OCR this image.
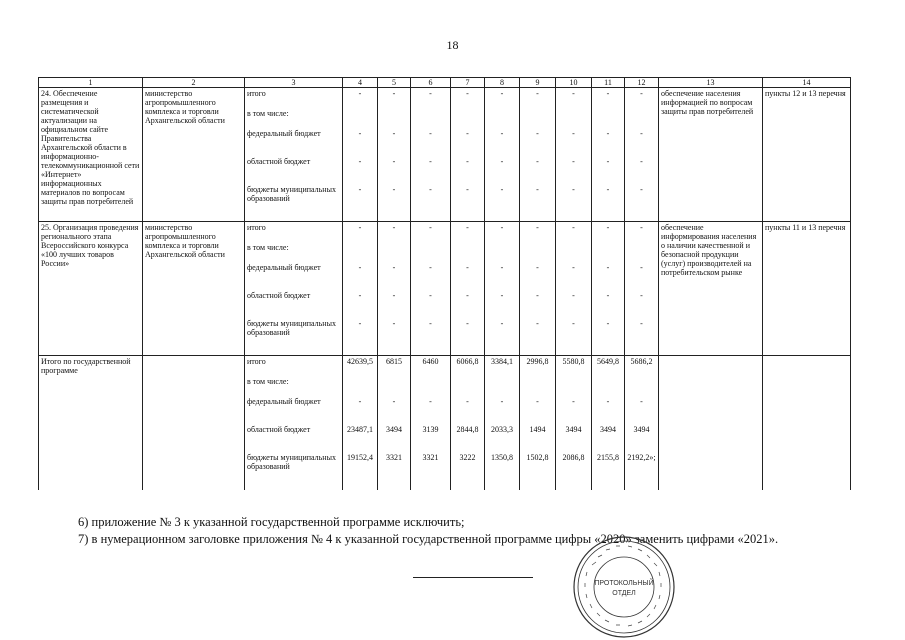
18
1	2	3	4	5	6	7	8	9	10	11	12	13	14
24. Обеспечение размещения и систематической актуализации на официальном сайте Правительства Архангельской области в информационно-телекоммуникационной сети «Интернет» информационных материалов по вопросам защиты прав потребителей	министерство агропромышленного комплекса и торговли Архангельской области	итого	-	-	-	-	-	-	-	-	-	обеспечение населения информацией по вопросам защиты прав потребителей	пункты 12 и 13 перечня
		в том числе:											
		федеральный бюджет	-	-	-	-	-	-	-	-	-		
		областной бюджет	-	-	-	-	-	-	-	-	-		
		бюджеты муниципальных образований	-	-	-	-	-	-	-	-	-		
25. Организация проведения регионального этапа Всероссийского конкурса «100 лучших товаров России»	министерство агропромышленного комплекса и торговли Архангельской области	итого	-	-	-	-	-	-	-	-	-	обеспечение информирования населения о наличии качественной и безопасной продукции (услуг) производителей на потребительском рынке	пункты 11 и 13 перечня
		в том числе:											
		федеральный бюджет	-	-	-	-	-	-	-	-	-		
		областной бюджет	-	-	-	-	-	-	-	-	-		
		бюджеты муниципальных образований	-	-	-	-	-	-	-	-	-		
Итого по государственной программе		итого	42639,5	6815	6460	6066,8	3384,1	2996,8	5580,8	5649,8	5686,2		
		в том числе:											
		федеральный бюджет	-	-	-	-	-	-	-	-	-		
		областной бюджет	23487,1	3494	3139	2844,8	2033,3	1494	3494	3494	3494		
		бюджеты муниципальных образований	19152,4	3321	3321	3222	1350,8	1502,8	2086,8	2155,8	2192,2»;		
6) приложение № 3 к указанной государственной программе исключить;
7) в нумерационном заголовке приложения № 4 к указанной государственной программе цифры «2020» заменить цифрами «2021».
ПРОТОКОЛЬНЫЙ
ОТДЕЛ
